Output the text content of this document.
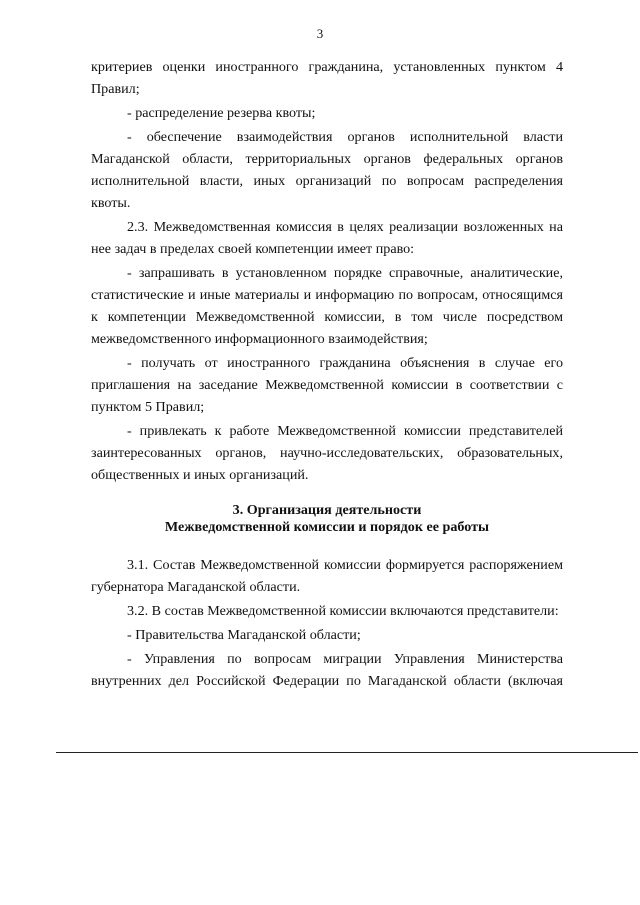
3

критериев оценки иностранного гражданина, установленных пунктом 4 Правил;

- распределение резерва квоты;

- обеспечение взаимодействия органов исполнительной власти Магаданской области, территориальных органов федеральных органов исполнительной власти, иных организаций по вопросам распределения квоты.

2.3. Межведомственная комиссия в целях реализации возложенных на нее задач в пределах своей компетенции имеет право:

- запрашивать в установленном порядке справочные, аналитические, статистические и иные материалы и информацию по вопросам, относящимся к компетенции Межведомственной комиссии, в том числе посредством межведомственного информационного взаимодействия;

- получать от иностранного гражданина объяснения в случае его приглашения на заседание Межведомственной комиссии в соответствии с пунктом 5 Правил;

- привлекать к работе Межведомственной комиссии представителей заинтересованных органов, научно-исследовательских, образовательных, общественных и иных организаций.

3. Организация деятельности
Межведомственной комиссии и порядок ее работы

3.1. Состав Межведомственной комиссии формируется распоряжением губернатора Магаданской области.

3.2. В состав Межведомственной комиссии включаются представители:

- Правительства Магаданской области;

- Управления по вопросам миграции Управления Министерства внутренних дел Российской Федерации по Магаданской области (включая
